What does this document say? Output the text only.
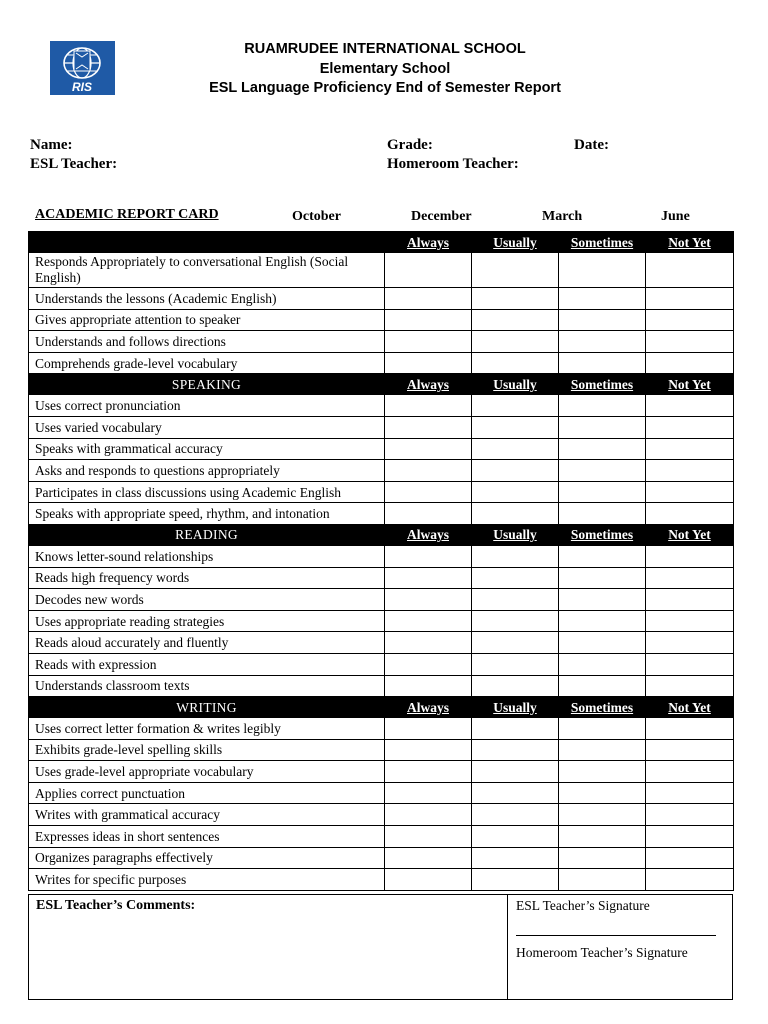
RIS
RUAMRUDEE INTERNATIONAL SCHOOL
Elementary School
ESL Language Proficiency End of Semester Report
Name:	Grade:	Date:
ESL Teacher:	Homeroom Teacher:
ACADEMIC REPORT CARD	October	December	March	June
	Always	Usually	Sometimes	Not Yet
Responds Appropriately to conversational English (Social English)				
Understands the lessons (Academic English)				
Gives appropriate attention to speaker				
Understands and follows directions				
Comprehends grade-level vocabulary				
SPEAKING	Always	Usually	Sometimes	Not Yet
Uses correct pronunciation				
Uses varied vocabulary				
Speaks with grammatical accuracy				
Asks and responds to questions appropriately				
Participates in class discussions using Academic English				
Speaks with appropriate speed, rhythm, and intonation				
READING	Always	Usually	Sometimes	Not Yet
Knows letter-sound relationships				
Reads high frequency words				
Decodes new words				
Uses appropriate reading strategies				
Reads aloud accurately and fluently				
Reads with expression				
Understands classroom texts				
WRITING	Always	Usually	Sometimes	Not Yet
Uses correct letter formation & writes legibly				
Exhibits grade-level spelling skills				
Uses grade-level appropriate vocabulary				
Applies correct punctuation				
Writes with grammatical accuracy				
Expresses ideas in short sentences				
Organizes paragraphs effectively				
Writes for specific purposes				
ESL Teacher’s Comments:	ESL Teacher’s Signature
Homeroom Teacher’s Signature
